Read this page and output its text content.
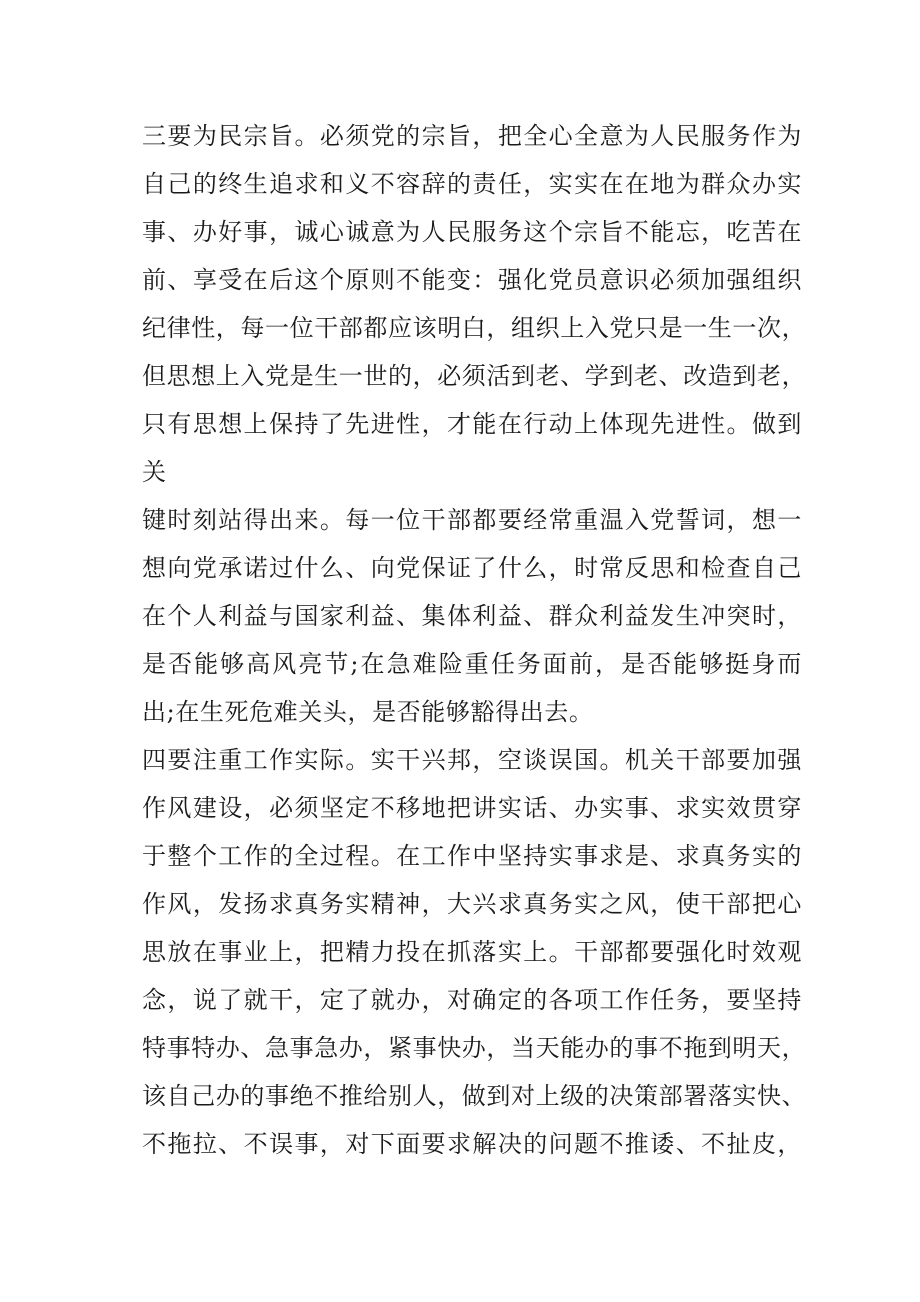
三要为民宗旨。必须党的宗旨，把全心全意为人民服务作为
自己的终生追求和义不容辞的责任，实实在在地为群众办实
事、办好事，诚心诚意为人民服务这个宗旨不能忘，吃苦在
前、享受在后这个原则不能变：强化党员意识必须加强组织
纪律性，每一位干部都应该明白，组织上入党只是一生一次，
但思想上入党是生一世的，必须活到老、学到老、改造到老，
只有思想上保持了先进性，才能在行动上体现先进性。做到
关
键时刻站得出来。每一位干部都要经常重温入党誓词，想一
想向党承诺过什么、向党保证了什么，时常反思和检查自己
在个人利益与国家利益、集体利益、群众利益发生冲突时，
是否能够高风亮节;在急难险重任务面前，是否能够挺身而
出;在生死危难关头，是否能够豁得出去。
四要注重工作实际。实干兴邦，空谈误国。机关干部要加强
作风建设，必须坚定不移地把讲实话、办实事、求实效贯穿
于整个工作的全过程。在工作中坚持实事求是、求真务实的
作风，发扬求真务实精神，大兴求真务实之风，使干部把心
思放在事业上，把精力投在抓落实上。干部都要强化时效观
念，说了就干，定了就办，对确定的各项工作任务，要坚持
特事特办、急事急办，紧事快办，当天能办的事不拖到明天，
该自己办的事绝不推给别人，做到对上级的决策部署落实快、
不拖拉、不误事，对下面要求解决的问题不推诿、不扯皮，
